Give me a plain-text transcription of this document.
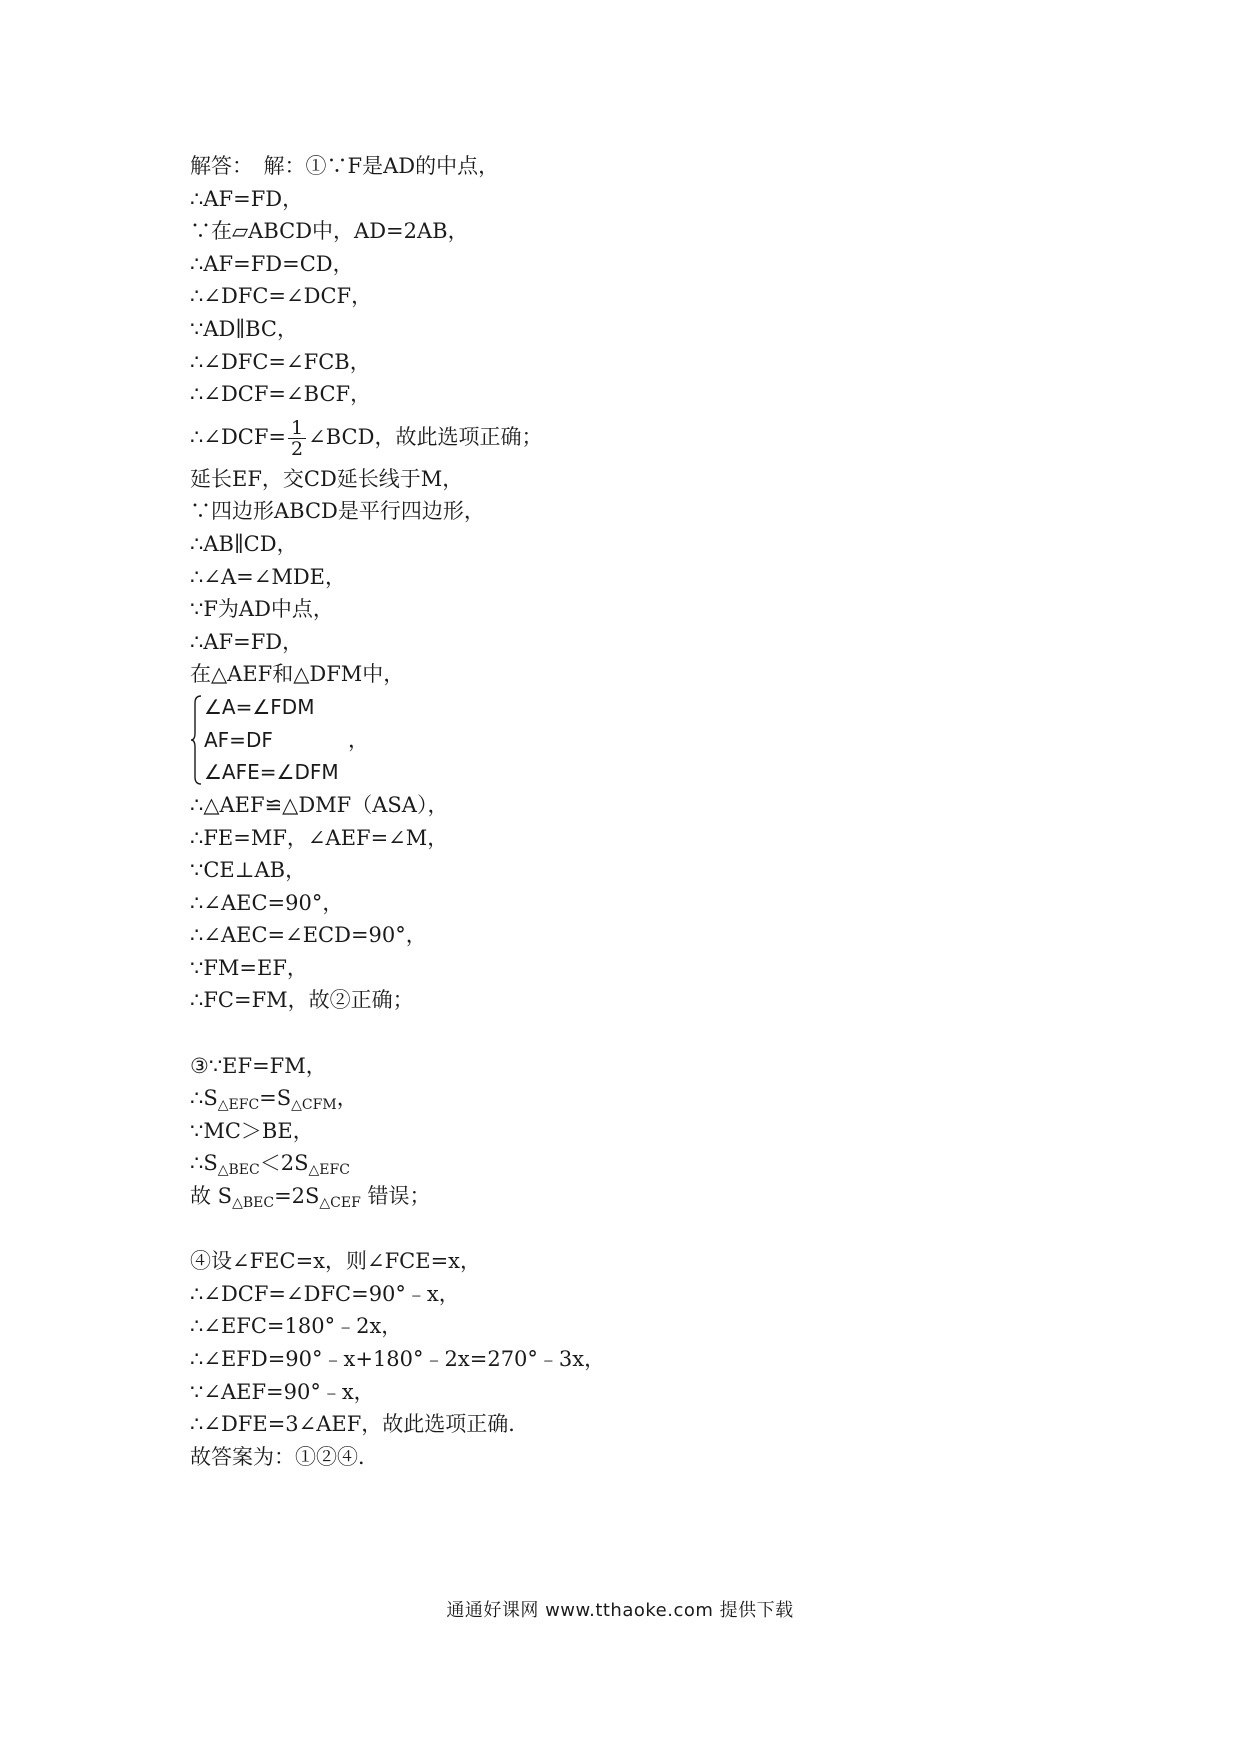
解答：　解：①∵F是AD的中点，
∴AF=FD，
∵在▱ABCD中，AD=2AB，
∴AF=FD=CD，
∴∠DFC=∠DCF，
∵AD∥BC，
∴∠DFC=∠FCB，
∴∠DCF=∠BCF，
∴∠DCF= $\frac{1}{2}$ ∠BCD，故此选项正确；
延长EF，交CD延长线于M，
∵四边形ABCD是平行四边形，
∴AB∥CD，
∴∠A=∠MDE，
∵F为AD中点，
∴AF=FD，
在△AEF和△DFM中，
∠A=∠FDM
AF=DF
∠AFE=∠DFM
，
∴△AEF≌△DMF（ASA），
∴FE=MF，∠AEF=∠M，
∵CE⊥AB，
∴∠AEC=90°，
∴∠AEC=∠ECD=90°，
∵FM=EF，
∴FC=FM，故②正确；
③∵EF=FM，
$\therefore S_{\triangle EFC}=S_{\triangle CFM}$，
∵MC＞BE，
$\therefore S_{\triangle BEC}<2S_{\triangle EFC}$
故 $S_{\triangle BEC}=2S_{\triangle CEF}$ 错误；
④设∠FEC=x，则∠FCE=x，
∴∠DCF=∠DFC=90°﹣x，
∴∠EFC=180°﹣2x，
∴∠EFD=90°﹣x+180°﹣2x=270°﹣3x，
∵∠AEF=90°﹣x，
∴∠DFE=3∠AEF，故此选项正确．
故答案为：①②④．
通通好课网 www.tthaoke.com 提供下载
